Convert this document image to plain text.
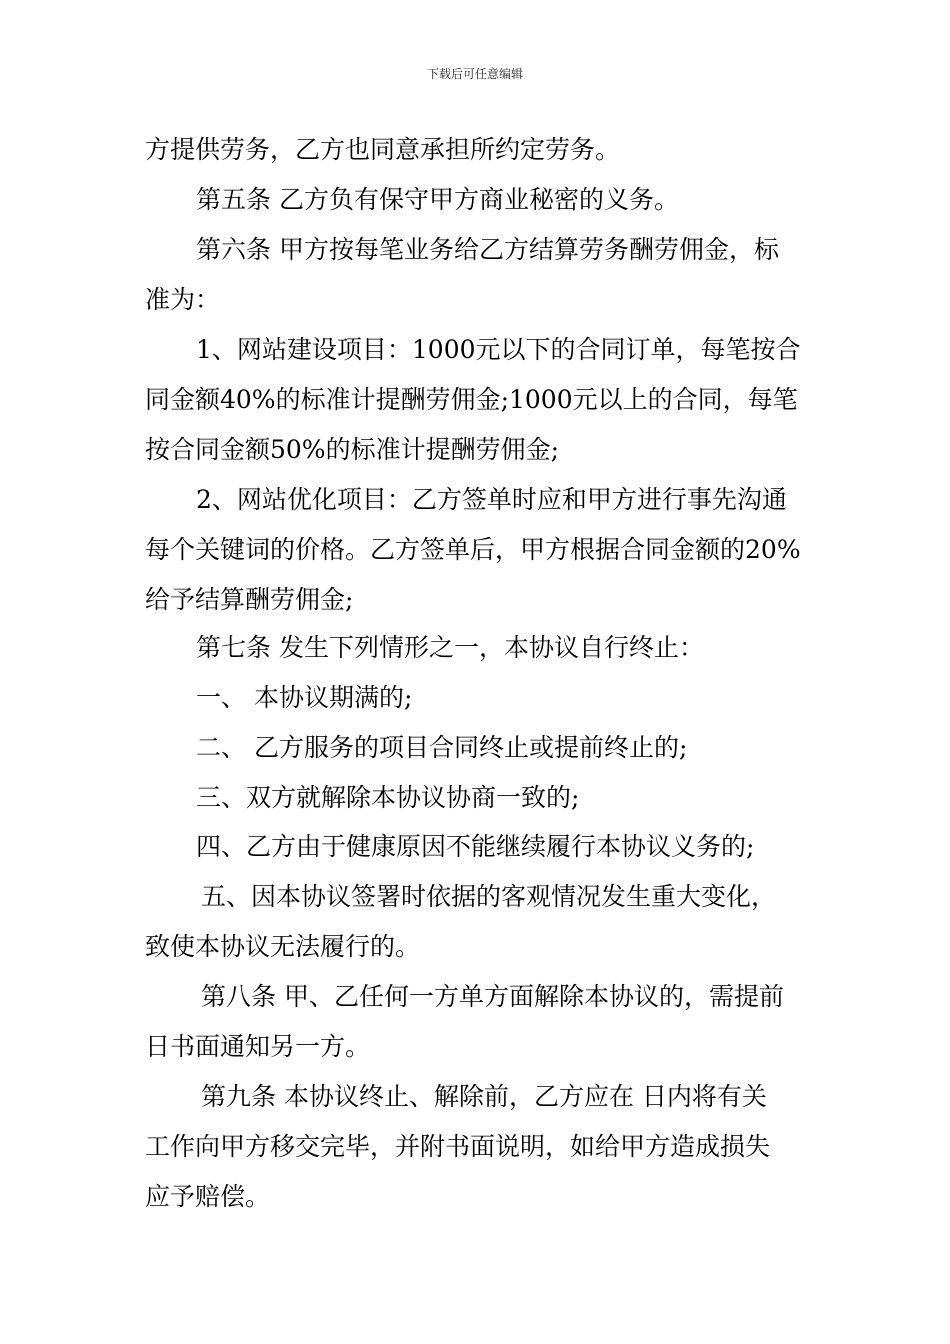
下载后可任意编辑
方提供劳务，乙方也同意承担所约定劳务。
第五条 乙方负有保守甲方商业秘密的义务。
第六条 甲方按每笔业务给乙方结算劳务酬劳佣金，标
准为：
1、网站建设项目：1000元以下的合同订单，每笔按合
同金额40%的标准计提酬劳佣金;1000元以上的合同，每笔
按合同金额50%的标准计提酬劳佣金;
2、网站优化项目：乙方签单时应和甲方进行事先沟通
每个关键词的价格。乙方签单后，甲方根据合同金额的20%
给予结算酬劳佣金;
第七条 发生下列情形之一，本协议自行终止：
一、 本协议期满的;
二、 乙方服务的项目合同终止或提前终止的;
三、双方就解除本协议协商一致的;
四、乙方由于健康原因不能继续履行本协议义务的;
五、因本协议签署时依据的客观情况发生重大变化，
致使本协议无法履行的。
第八条 甲、乙任何一方单方面解除本协议的，需提前
日书面通知另一方。
第九条 本协议终止、解除前，乙方应在 日内将有关
工作向甲方移交完毕，并附书面说明，如给甲方造成损失
应予赔偿。
